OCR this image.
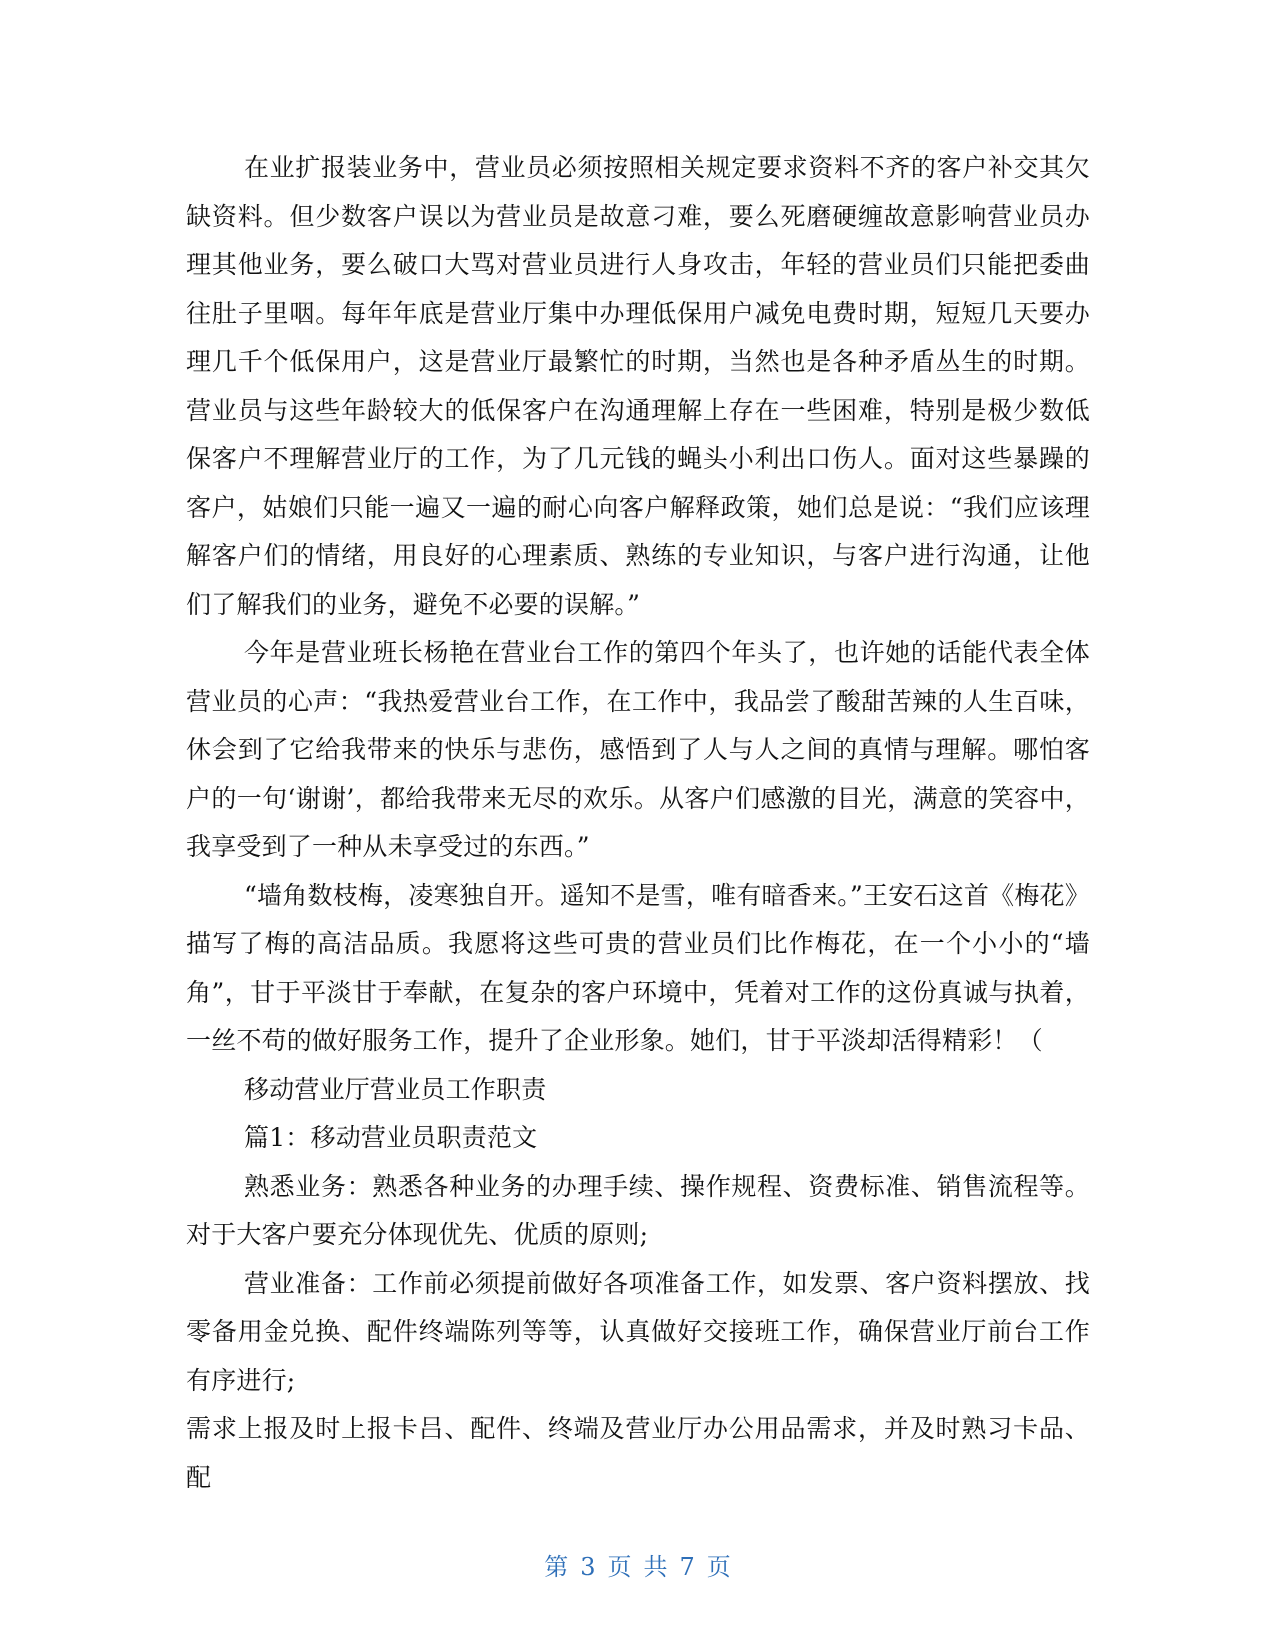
在业扩报装业务中，营业员必须按照相关规定要求资料不齐的客户补交其欠缺资料。但少数客户误以为营业员是故意刁难，要么死磨硬缠故意影响营业员办理其他业务，要么破口大骂对营业员进行人身攻击，年轻的营业员们只能把委曲往肚子里咽。每年年底是营业厅集中办理低保用户减免电费时期，短短几天要办理几千个低保用户，这是营业厅最繁忙的时期，当然也是各种矛盾丛生的时期。营业员与这些年龄较大的低保客户在沟通理解上存在一些困难，特别是极少数低保客户不理解营业厅的工作，为了几元钱的蝇头小利出口伤人。面对这些暴躁的客户，姑娘们只能一遍又一遍的耐心向客户解释政策，她们总是说：“我们应该理解客户们的情绪，用良好的心理素质、熟练的专业知识，与客户进行沟通，让他们了解我们的业务，避免不必要的误解。”

今年是营业班长杨艳在营业台工作的第四个年头了，也许她的话能代表全体营业员的心声：“我热爱营业台工作，在工作中，我品尝了酸甜苦辣的人生百味，休会到了它给我带来的快乐与悲伤，感悟到了人与人之间的真情与理解。哪怕客户的一句‘谢谢’，都给我带来无尽的欢乐。从客户们感激的目光，满意的笑容中，我享受到了一种从未享受过的东西。”

“墙角数枝梅，凌寒独自开。遥知不是雪，唯有暗香来。”王安石这首《梅花》描写了梅的高洁品质。我愿将这些可贵的营业员们比作梅花，在一个小小的“墙角”，甘于平淡甘于奉献，在复杂的客户环境中，凭着对工作的这份真诚与执着，一丝不苟的做好服务工作，提升了企业形象。她们，甘于平淡却活得精彩！（

移动营业厅营业员工作职责

篇1：移动营业员职责范文

熟悉业务：熟悉各种业务的办理手续、操作规程、资费标准、销售流程等。对于大客户要充分体现优先、优质的原则;

营业准备：工作前必须提前做好各项准备工作，如发票、客户资料摆放、找零备用金兑换、配件终端陈列等等，认真做好交接班工作，确保营业厅前台工作有序进行;

需求上报及时上报卡吕、配件、终端及营业厅办公用品需求，并及时熟习卡品、配

第 3 页 共 7 页
